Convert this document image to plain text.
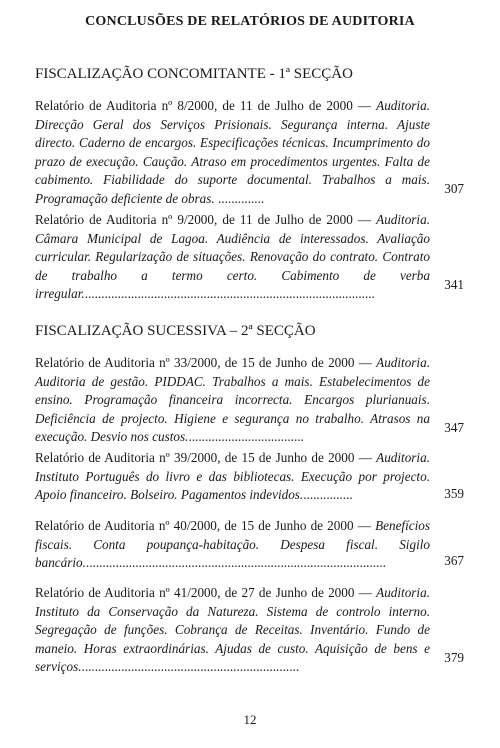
CONCLUSÕES DE RELATÓRIOS DE AUDITORIA
FISCALIZAÇÃO CONCOMITANTE - 1ª SECÇÃO
Relatório de Auditoria nº 8/2000, de 11 de Julho de 2000 — Auditoria. Direcção Geral dos Serviços Prisionais. Segurança interna. Ajuste directo. Caderno de encargos. Especificações técnicas. Incumprimento do prazo de execução. Caução. Atraso em procedimentos urgentes. Falta de cabimento. Fiabilidade do suporte documental. Trabalhos a mais. Programação deficiente de obras. ..............
307
Relatório de Auditoria nº 9/2000, de 11 de Julho de 2000 — Auditoria. Câmara Municipal de Lagoa. Audiência de interessados. Avaliação curricular. Regularização de situações. Renovação do contrato. Contrato de trabalho a termo certo. Cabimento de verba irregular.........................................................................................
341
FISCALIZAÇÃO SUCESSIVA – 2ª SECÇÃO
Relatório de Auditoria nº 33/2000, de 15 de Junho de 2000 — Auditoria. Auditoria de gestão. PIDDAC. Trabalhos a mais. Estabelecimentos de ensino. Programação financeira incorrecta. Encargos plurianuais. Deficiência de projecto. Higiene e segurança no trabalho. Atrasos na execução. Desvio nos custos....................................
347
Relatório de Auditoria nº 39/2000, de 15 de Junho de 2000 — Auditoria. Instituto Português do livro e das bibliotecas. Execução por projecto. Apoio financeiro. Bolseiro. Pagamentos indevidos................	359
Relatório de Auditoria nº 40/2000, de 15 de Junho de 2000 — Benefícios fiscais. Conta poupança-habitação. Despesa fiscal. Sigilo bancário............................................................................................	367
Relatório de Auditoria nº 41/2000, de 27 de Junho de 2000 — Auditoria. Instituto da Conservação da Natureza. Sistema de controlo interno. Segregação de funções. Cobrança de Receitas. Inventário. Fundo de maneio. Horas extraordinárias. Ajudas de custo. Aquisição de bens e serviços...................................................................
379
12
